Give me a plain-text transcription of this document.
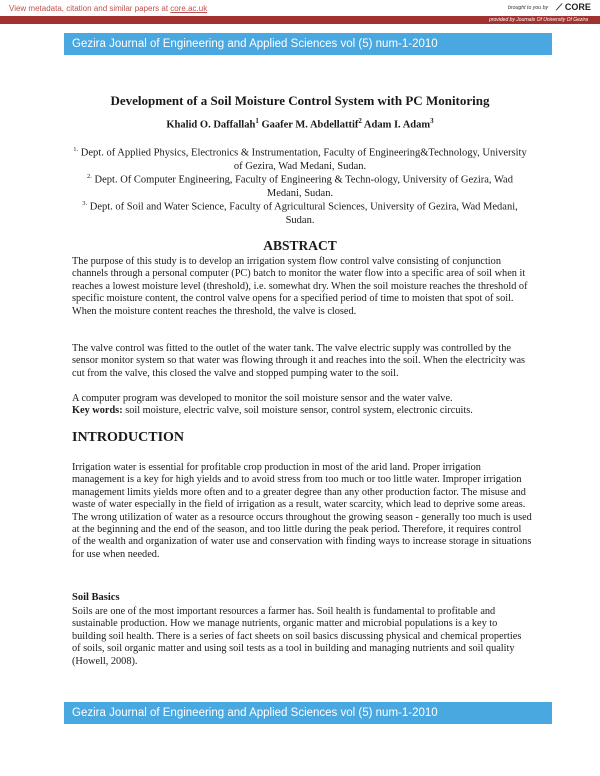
View metadata, citation and similar papers at core.ac.uk	brought to you by ⟋ CORE
provided by Journals Of University Of Gezira
Gezira Journal of Engineering and Applied Sciences vol (5) num-1-2010
Development of a Soil Moisture Control System with PC Monitoring
Khalid O. Daffallah$^1$ Gaafer M. Abdellattif$^2$ Adam I. Adam$^3$
$^{1.}$ Dept. of Applied Physics, Electronics & Instrumentation, Faculty of Engineering&Technology, University of Gezira, Wad Medani, Sudan.
$^{2.}$ Dept. Of Computer Engineering, Faculty of Engineering & Techn-ology, University of Gezira, Wad Medani, Sudan.
$^{3.}$ Dept. of Soil and Water Science, Faculty of Agricultural Sciences, University of Gezira, Wad Medani, Sudan.
ABSTRACT

The purpose of this study is to develop an irrigation system flow control valve consisting of conjunction channels through a personal computer (PC) batch to monitor the water flow into a specific area of soil when it reaches a lowest moisture level (threshold), i.e. somewhat dry. When the soil moisture reaches the threshold of specific moisture content, the control valve opens for a specified period of time to moisten that spot of soil. When the moisture content reaches the threshold, the valve is closed.

The valve control was fitted to the outlet of the water tank. The valve electric supply was controlled by the sensor monitor system so that water was flowing through it and reaches into the soil. When the electricity was cut from the valve, this closed the valve and stopped pumping water to the soil.

A computer program was developed to monitor the soil moisture sensor and the water valve.

Key words: soil moisture, electric valve, soil moisture sensor, control system, electronic circuits.

INTRODUCTION

Irrigation water is essential for profitable crop production in most of the arid land. Proper irrigation management is a key for high yields and to avoid stress from too much or too little water. Improper irrigation management limits yields more often and to a greater degree than any other production factor. The misuse and waste of water especially in the field of irrigation as a result, water scarcity, which lead to deprive some areas. The wrong utilization of water as a resource occurs throughout the growing season - generally too much is used at the beginning and the end of the season, and too little during the peak period. Therefore, it requires control of the wealth and organization of water use and conservation with finding ways to increase storage in situations for use when needed.

Soil Basics

Soils are one of the most important resources a farmer has. Soil health is fundamental to profitable and sustainable production. How we manage nutrients, organic matter and microbial populations is a key to building soil health. There is a series of fact sheets on soil basics discussing physical and chemical properties of soils, soil organic matter and using soil tests as a tool in building and managing nutrients and soil quality (Howell, 2008).

Gezira Journal of Engineering and Applied Sciences vol (5) num-1-2010
